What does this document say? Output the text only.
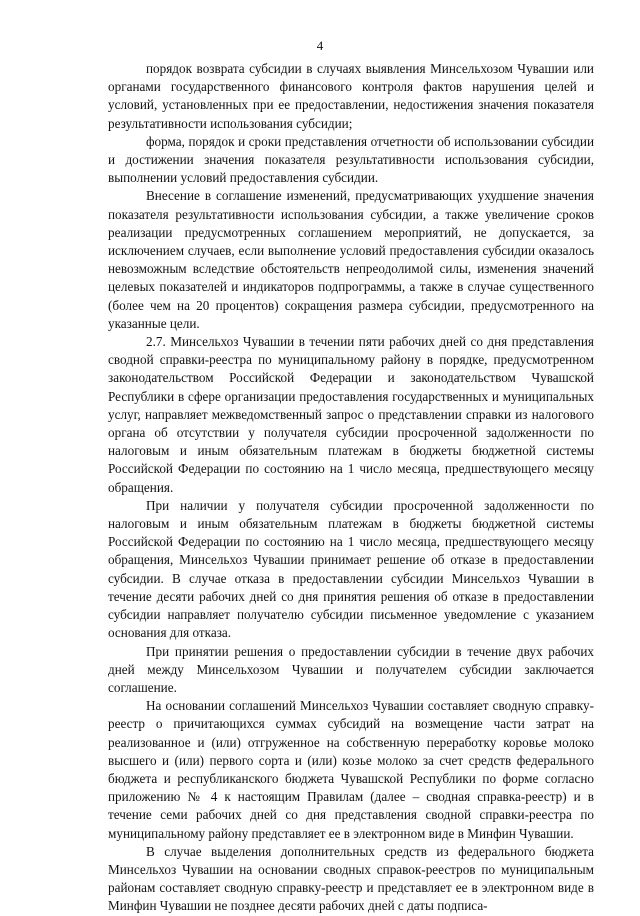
4

порядок возврата субсидии в случаях выявления Минсельхозом Чувашии или органами государственного финансового контроля фактов нарушения целей и условий, установленных при ее предоставлении, недостижения значения показателя результативности использования субсидии;

форма, порядок и сроки представления отчетности об использовании субсидии и достижении значения показателя результативности использования субсидии, выполнении условий предоставления субсидии.

Внесение в соглашение изменений, предусматривающих ухудшение значения показателя результативности использования субсидии, а также увеличение сроков реализации предусмотренных соглашением мероприятий, не допускается, за исключением случаев, если выполнение условий предоставления субсидии оказалось невозможным вследствие обстоятельств непреодолимой силы, изменения значений целевых показателей и индикаторов подпрограммы, а также в случае существенного (более чем на 20 процентов) сокращения размера субсидии, предусмотренного на указанные цели.

2.7. Минсельхоз Чувашии в течении пяти рабочих дней со дня представления сводной справки-реестра по муниципальному району в порядке, предусмотренном законодательством Российской Федерации и законодательством Чувашской Республики в сфере организации предоставления государственных и муниципальных услуг, направляет межведомственный запрос о представлении справки из налогового органа об отсутствии у получателя субсидии просроченной задолженности по налоговым и иным обязательным платежам в бюджеты бюджетной системы Российской Федерации по состоянию на 1 число месяца, предшествующего месяцу обращения.

При наличии у получателя субсидии просроченной задолженности по налоговым и иным обязательным платежам в бюджеты бюджетной системы Российской Федерации по состоянию на 1 число месяца, предшествующего месяцу обращения, Минсельхоз Чувашии принимает решение об отказе в предоставлении субсидии. В случае отказа в предоставлении субсидии Минсельхоз Чувашии в течение десяти рабочих дней со дня принятия решения об отказе в предоставлении субсидии направляет получателю субсидии письменное уведомление с указанием основания для отказа.

При принятии решения о предоставлении субсидии в течение двух рабочих дней между Минсельхозом Чувашии и получателем субсидии заключается соглашение.

На основании соглашений Минсельхоз Чувашии составляет сводную справку-реестр о причитающихся суммах субсидий на возмещение части затрат на реализованное и (или) отгруженное на собственную переработку коровье молоко высшего и (или) первого сорта и (или) козье молоко за счет средств федерального бюджета и республиканского бюджета Чувашской Республики по форме согласно приложению № 4 к настоящим Правилам (далее – сводная справка-реестр) и в течение семи рабочих дней со дня представления сводной справки-реестра по муниципальному району представляет ее в электронном виде в Минфин Чувашии.

В случае выделения дополнительных средств из федерального бюджета Минсельхоз Чувашии на основании сводных справок-реестров по муниципальным районам составляет сводную справку-реестр и представляет ее в электронном виде в Минфин Чувашии не позднее десяти рабочих дней с даты подписа-
